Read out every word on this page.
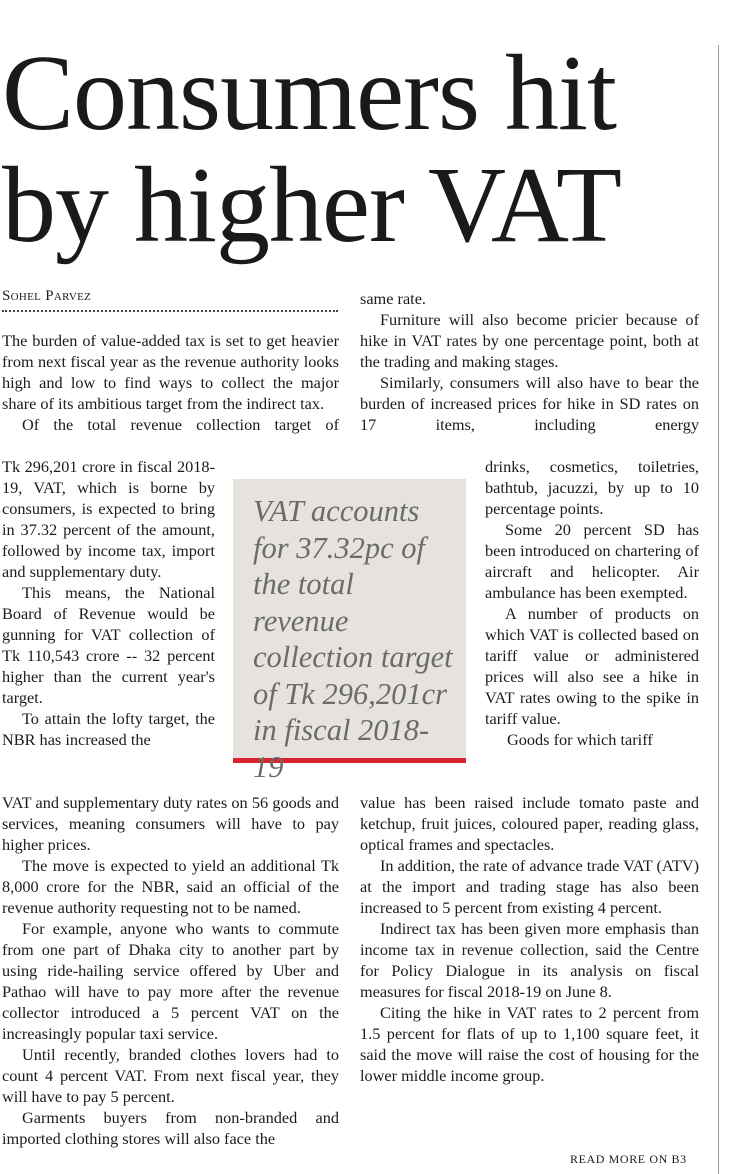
Consumers hit by higher VAT
Sohel Parvez

The burden of value-added tax is set to get heavier from next fiscal year as the revenue authority looks high and low to find ways to collect the major share of its ambitious target from the indirect tax.

Of the total revenue collection target of

Tk 296,201 crore in fiscal 2018-19, VAT, which is borne by consumers, is expected to bring in 37.32 percent of the amount, followed by income tax, import and supplementary duty.

This means, the National Board of Revenue would be gunning for VAT collection of Tk 110,543 crore -- 32 percent higher than the current year's target.

To attain the lofty target, the NBR has increased the

VAT and supplementary duty rates on 56 goods and services, meaning consumers will have to pay higher prices.

The move is expected to yield an additional Tk 8,000 crore for the NBR, said an official of the revenue authority requesting not to be named.

For example, anyone who wants to commute from one part of Dhaka city to another part by using ride-hailing service offered by Uber and Pathao will have to pay more after the revenue collector introduced a 5 percent VAT on the increasingly popular taxi service.

Until recently, branded clothes lovers had to count 4 percent VAT. From next fiscal year, they will have to pay 5 percent.

Garments buyers from non-branded and imported clothing stores will also face the

VAT accounts for 37.32pc of the total revenue collection target of Tk 296,201cr in fiscal 2018-19

same rate.

Furniture will also become pricier because of hike in VAT rates by one percentage point, both at the trading and making stages.

Similarly, consumers will also have to bear the burden of increased prices for hike in SD rates on 17 items, including energy

drinks, cosmetics, toiletries, bathtub, jacuzzi, by up to 10 percentage points.

Some 20 percent SD has been introduced on chartering of aircraft and helicopter. Air ambulance has been exempted.

A number of products on which VAT is collected based on tariff value or administered prices will also see a hike in VAT rates owing to the spike in tariff value.

Goods for which tariff

value has been raised include tomato paste and ketchup, fruit juices, coloured paper, reading glass, optical frames and spectacles.

In addition, the rate of advance trade VAT (ATV) at the import and trading stage has also been increased to 5 percent from existing 4 percent.

Indirect tax has been given more emphasis than income tax in revenue collection, said the Centre for Policy Dialogue in its analysis on fiscal measures for fiscal 2018-19 on June 8.

Citing the hike in VAT rates to 2 percent from 1.5 percent for flats of up to 1,100 square feet, it said the move will raise the cost of housing for the lower middle income group.

READ MORE ON B3
